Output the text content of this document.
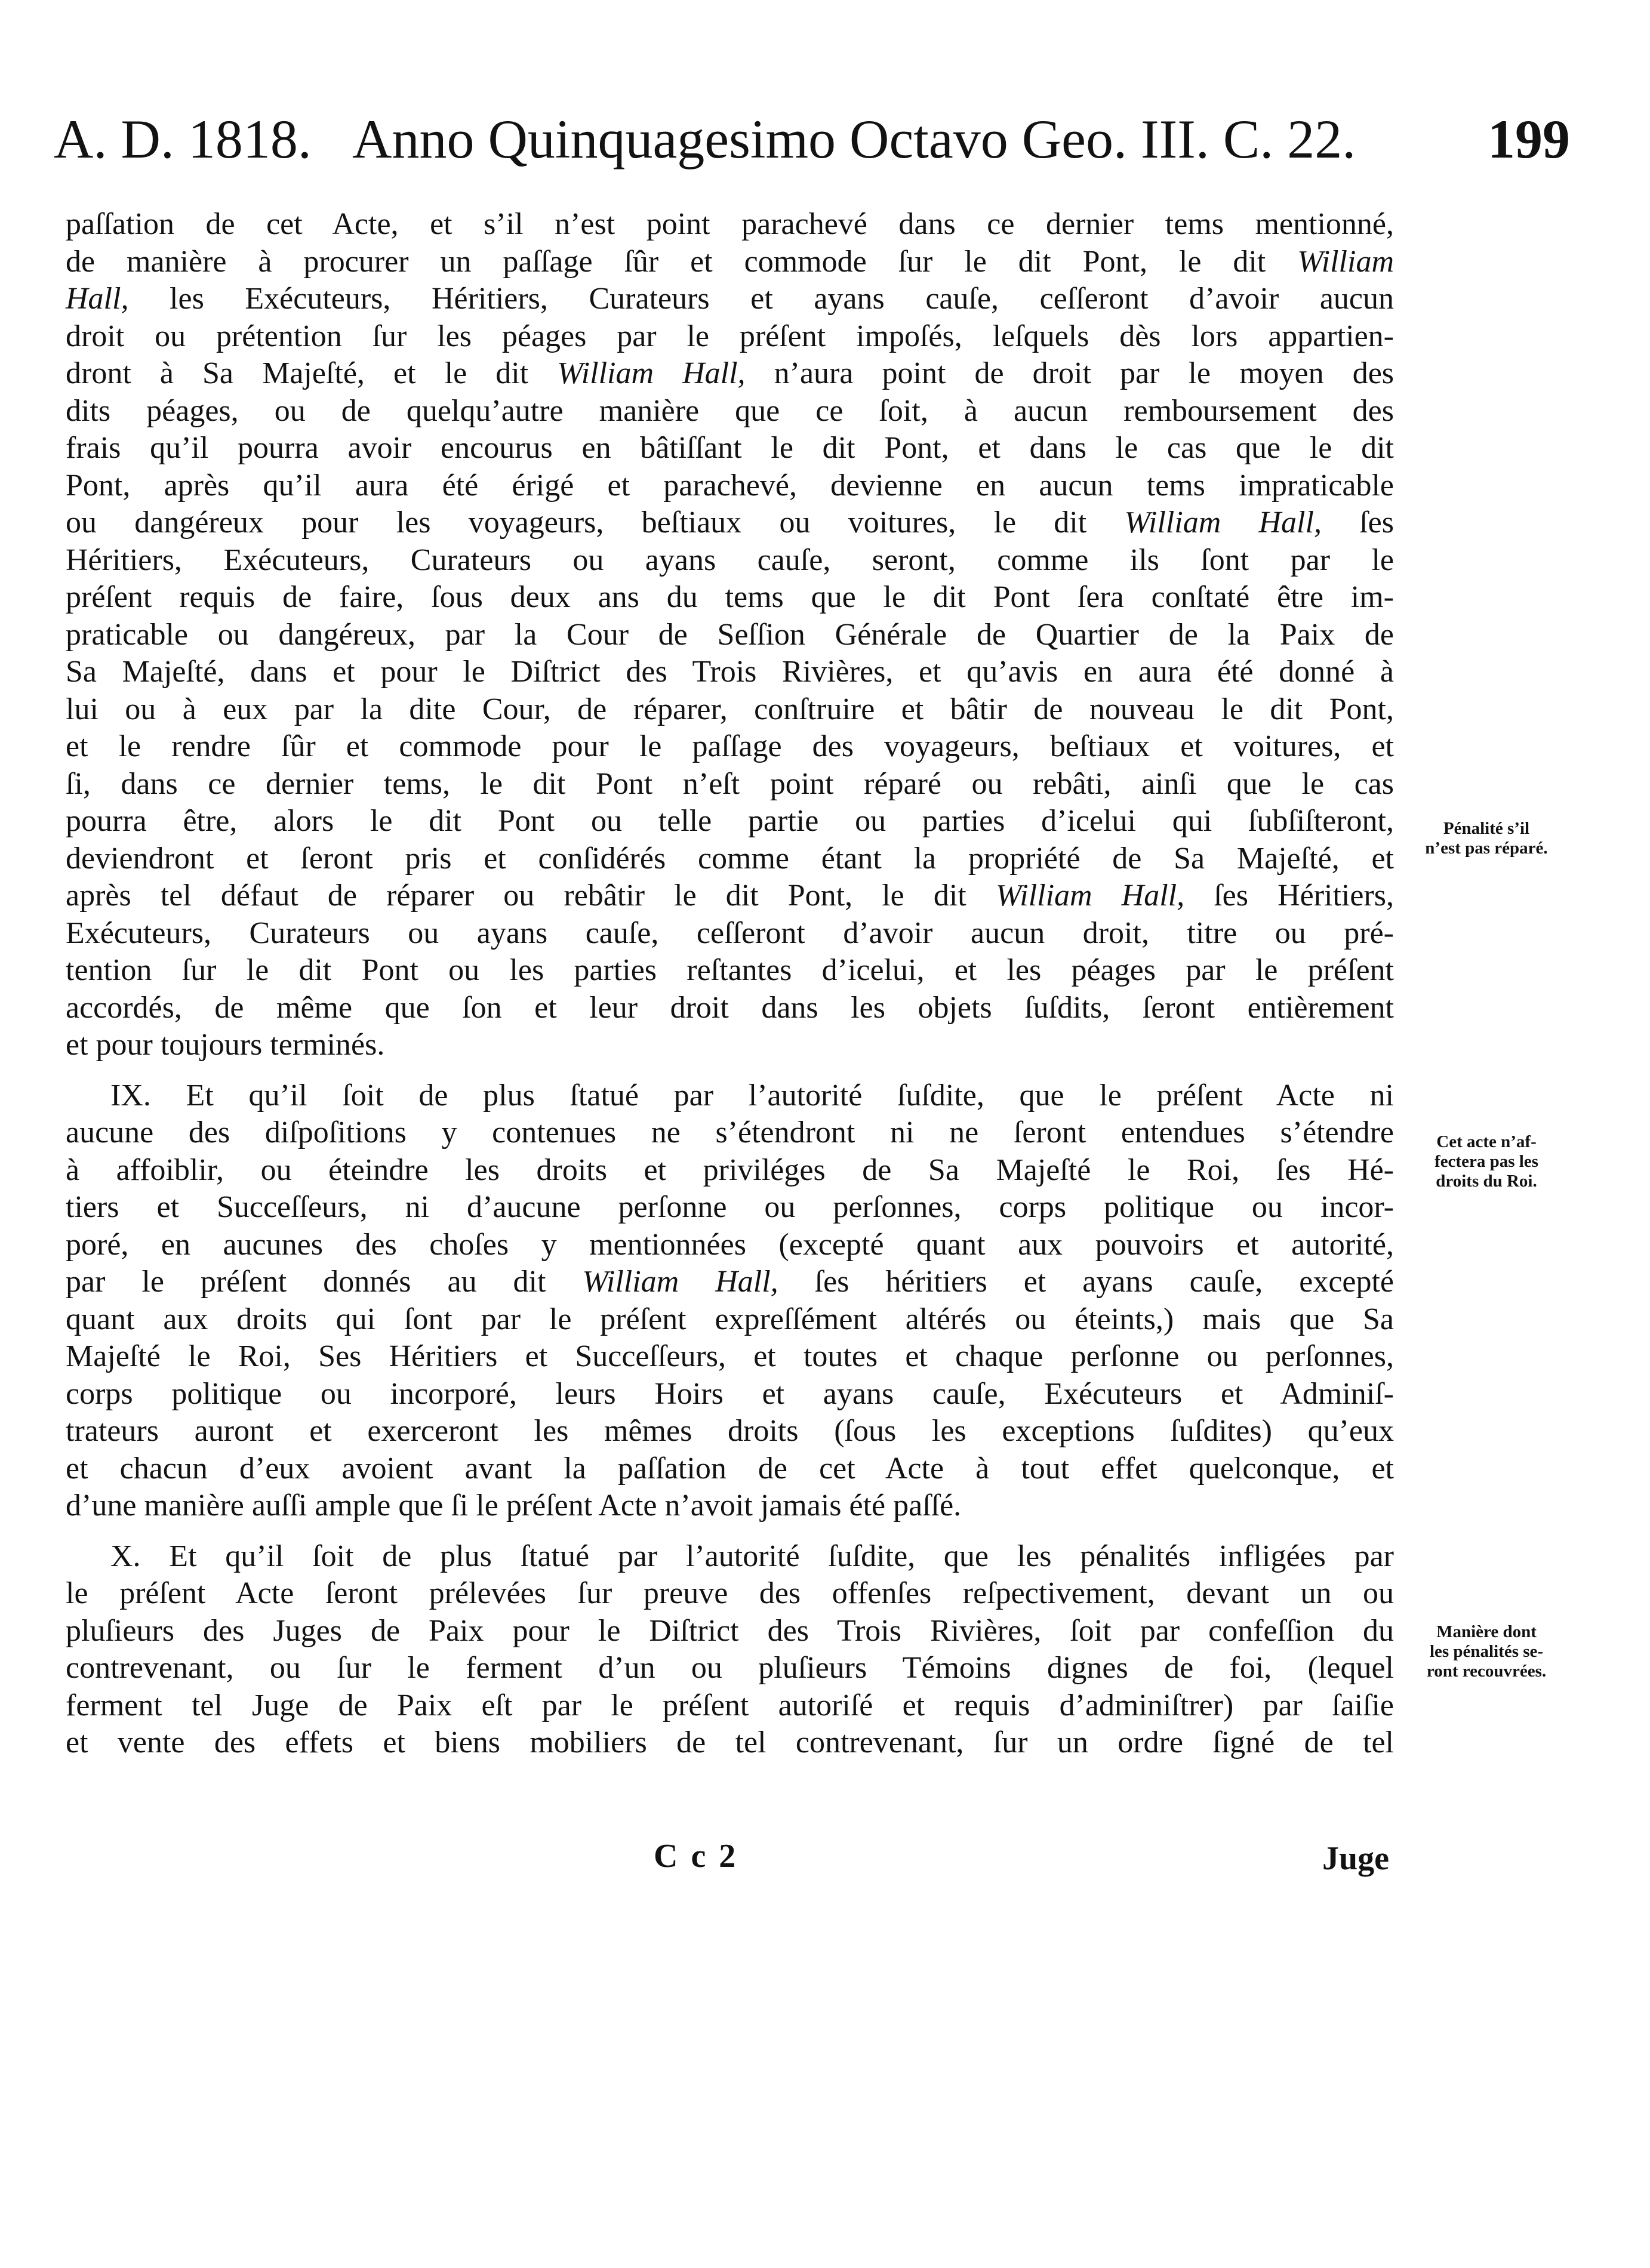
A. D. 1818. Anno Quinquagesimo Octavo Geo. III. C. 22. 199

paſſation de cet Acte, et s’il n’est point parachevé dans ce dernier tems mentionné,

de manière à procurer un paſſage ſûr et commode ſur le dit Pont, le dit William

Hall, les Exécuteurs, Héritiers, Curateurs et ayans cauſe, ceſſeront d’avoir aucun

droit ou prétention ſur les péages par le préſent impoſés, leſquels dès lors appartien-

dront à Sa Majeſté, et le dit William Hall, n’aura point de droit par le moyen des

dits péages, ou de quelqu’autre manière que ce ſoit, à aucun remboursement des

frais qu’il pourra avoir encourus en bâtiſſant le dit Pont, et dans le cas que le dit

Pont, après qu’il aura été érigé et parachevé, devienne en aucun tems impraticable

ou dangéreux pour les voyageurs, beſtiaux ou voitures, le dit William Hall, ſes

Héritiers, Exécuteurs, Curateurs ou ayans cauſe, seront, comme ils ſont par le

préſent requis de faire, ſous deux ans du tems que le dit Pont ſera conſtaté être im-

praticable ou dangéreux, par la Cour de Seſſion Générale de Quartier de la Paix de

Sa Majeſté, dans et pour le Diſtrict des Trois Rivières, et qu’avis en aura été donné à

lui ou à eux par la dite Cour, de réparer, conſtruire et bâtir de nouveau le dit Pont,

et le rendre ſûr et commode pour le paſſage des voyageurs, beſtiaux et voitures, et

ſi, dans ce dernier tems, le dit Pont n’eſt point réparé ou rebâti, ainſi que le cas

pourra être, alors le dit Pont ou telle partie ou parties d’icelui qui ſubſiſteront,

deviendront et ſeront pris et conſidérés comme étant la propriété de Sa Majeſté, et

après tel défaut de réparer ou rebâtir le dit Pont, le dit William Hall, ſes Héritiers,

Exécuteurs, Curateurs ou ayans cauſe, ceſſeront d’avoir aucun droit, titre ou pré-

tention ſur le dit Pont ou les parties reſtantes d’icelui, et les péages par le préſent

accordés, de même que ſon et leur droit dans les objets ſuſdits, ſeront entièrement

et pour toujours terminés.

IX. Et qu’il ſoit de plus ſtatué par l’autorité ſuſdite, que le préſent Acte ni

aucune des diſpoſitions y contenues ne s’étendront ni ne ſeront entendues s’étendre

à affoiblir, ou éteindre les droits et priviléges de Sa Majeſté le Roi, ſes Hé-

tiers et Succeſſeurs, ni d’aucune perſonne ou perſonnes, corps politique ou incor-

poré, en aucunes des choſes y mentionnées (excepté quant aux pouvoirs et autorité,

par le préſent donnés au dit William Hall, ſes héritiers et ayans cauſe, excepté

quant aux droits qui ſont par le préſent expreſſément altérés ou éteints,) mais que Sa

Majeſté le Roi, Ses Héritiers et Succeſſeurs, et toutes et chaque perſonne ou perſonnes,

corps politique ou incorporé, leurs Hoirs et ayans cauſe, Exécuteurs et Adminiſ-

trateurs auront et exerceront les mêmes droits (ſous les exceptions ſuſdites) qu’eux

et chacun d’eux avoient avant la paſſation de cet Acte à tout effet quelconque, et

d’une manière auſſi ample que ſi le préſent Acte n’avoit jamais été paſſé.

X. Et qu’il ſoit de plus ſtatué par l’autorité ſuſdite, que les pénalités infligées par

le préſent Acte ſeront prélevées ſur preuve des offenſes reſpectivement, devant un ou

pluſieurs des Juges de Paix pour le Diſtrict des Trois Rivières, ſoit par confeſſion du

contrevenant, ou ſur le ferment d’un ou pluſieurs Témoins dignes de foi, (lequel

ferment tel Juge de Paix eſt par le préſent autoriſé et requis d’adminiſtrer) par ſaiſie

et vente des effets et biens mobiliers de tel contrevenant, ſur un ordre ſigné de tel

Pénalité s’il
n’est pas réparé.
Cet acte n’af-
fectera pas les
droits du Roi.
Manière dont
les pénalités se-
ront recouvrées.
C c 2	Juge
